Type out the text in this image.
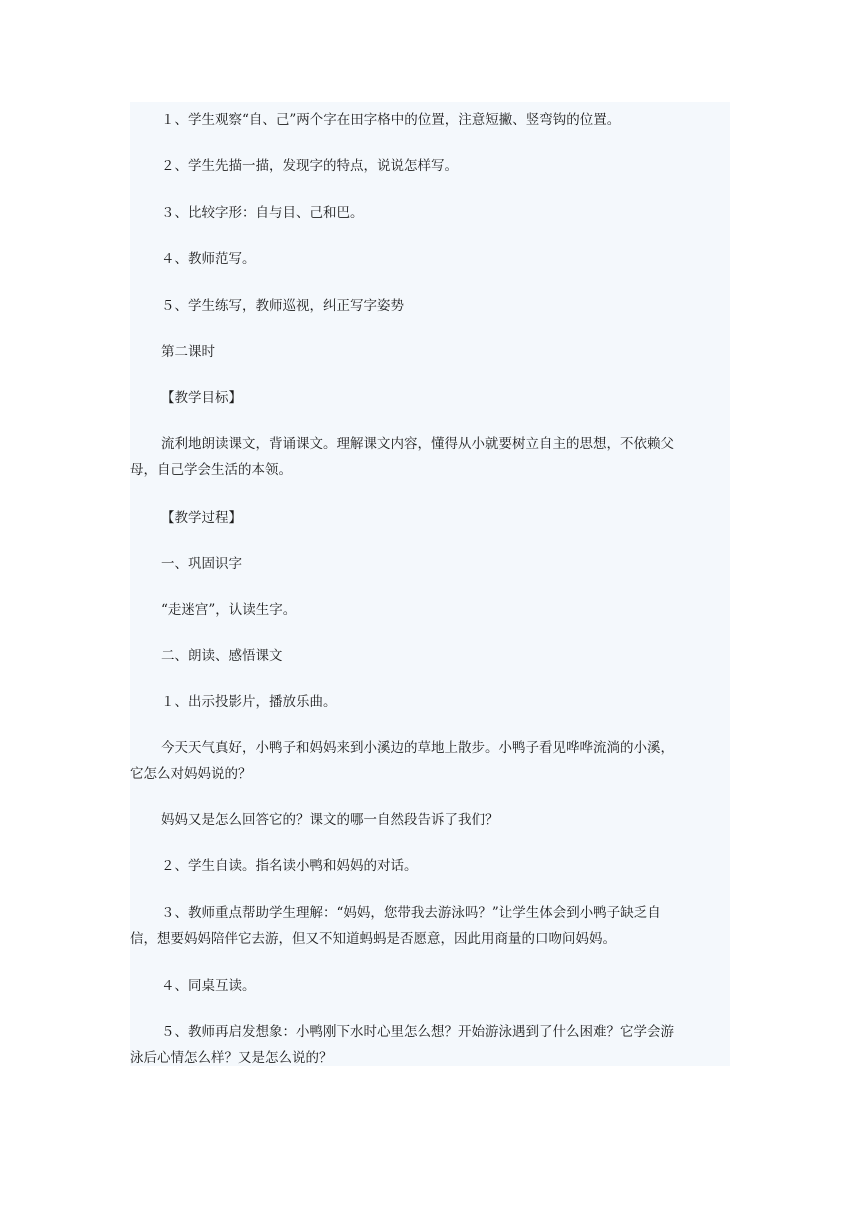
１、学生观察“自、己”两个字在田字格中的位置，注意短撇、竖弯钩的位置。
２、学生先描一描，发现字的特点，说说怎样写。
３、比较字形：自与目、己和巴。
４、教师范写。
５、学生练写，教师巡视，纠正写字姿势
第二课时
【教学目标】
流利地朗读课文，背诵课文。理解课文内容，懂得从小就要树立自主的思想，不依赖父
母，自己学会生活的本领。
【教学过程】
一、巩固识字
“走迷宫”，认读生字。
二、朗读、感悟课文
１、出示投影片，播放乐曲。
今天天气真好，小鸭子和妈妈来到小溪边的草地上散步。小鸭子看见哗哗流淌的小溪，
它怎么对妈妈说的？
妈妈又是怎么回答它的？课文的哪一自然段告诉了我们？
２、学生自读。指名读小鸭和妈妈的对话。
３、教师重点帮助学生理解：“妈妈，您带我去游泳吗？”让学生体会到小鸭子缺乏自
信，想要妈妈陪伴它去游，但又不知道蚂蚂是否愿意，因此用商量的口吻问妈妈。
４、同桌互读。
５、教师再启发想象：小鸭刚下水时心里怎么想？开始游泳遇到了什么困难？它学会游
泳后心情怎么样？又是怎么说的？
